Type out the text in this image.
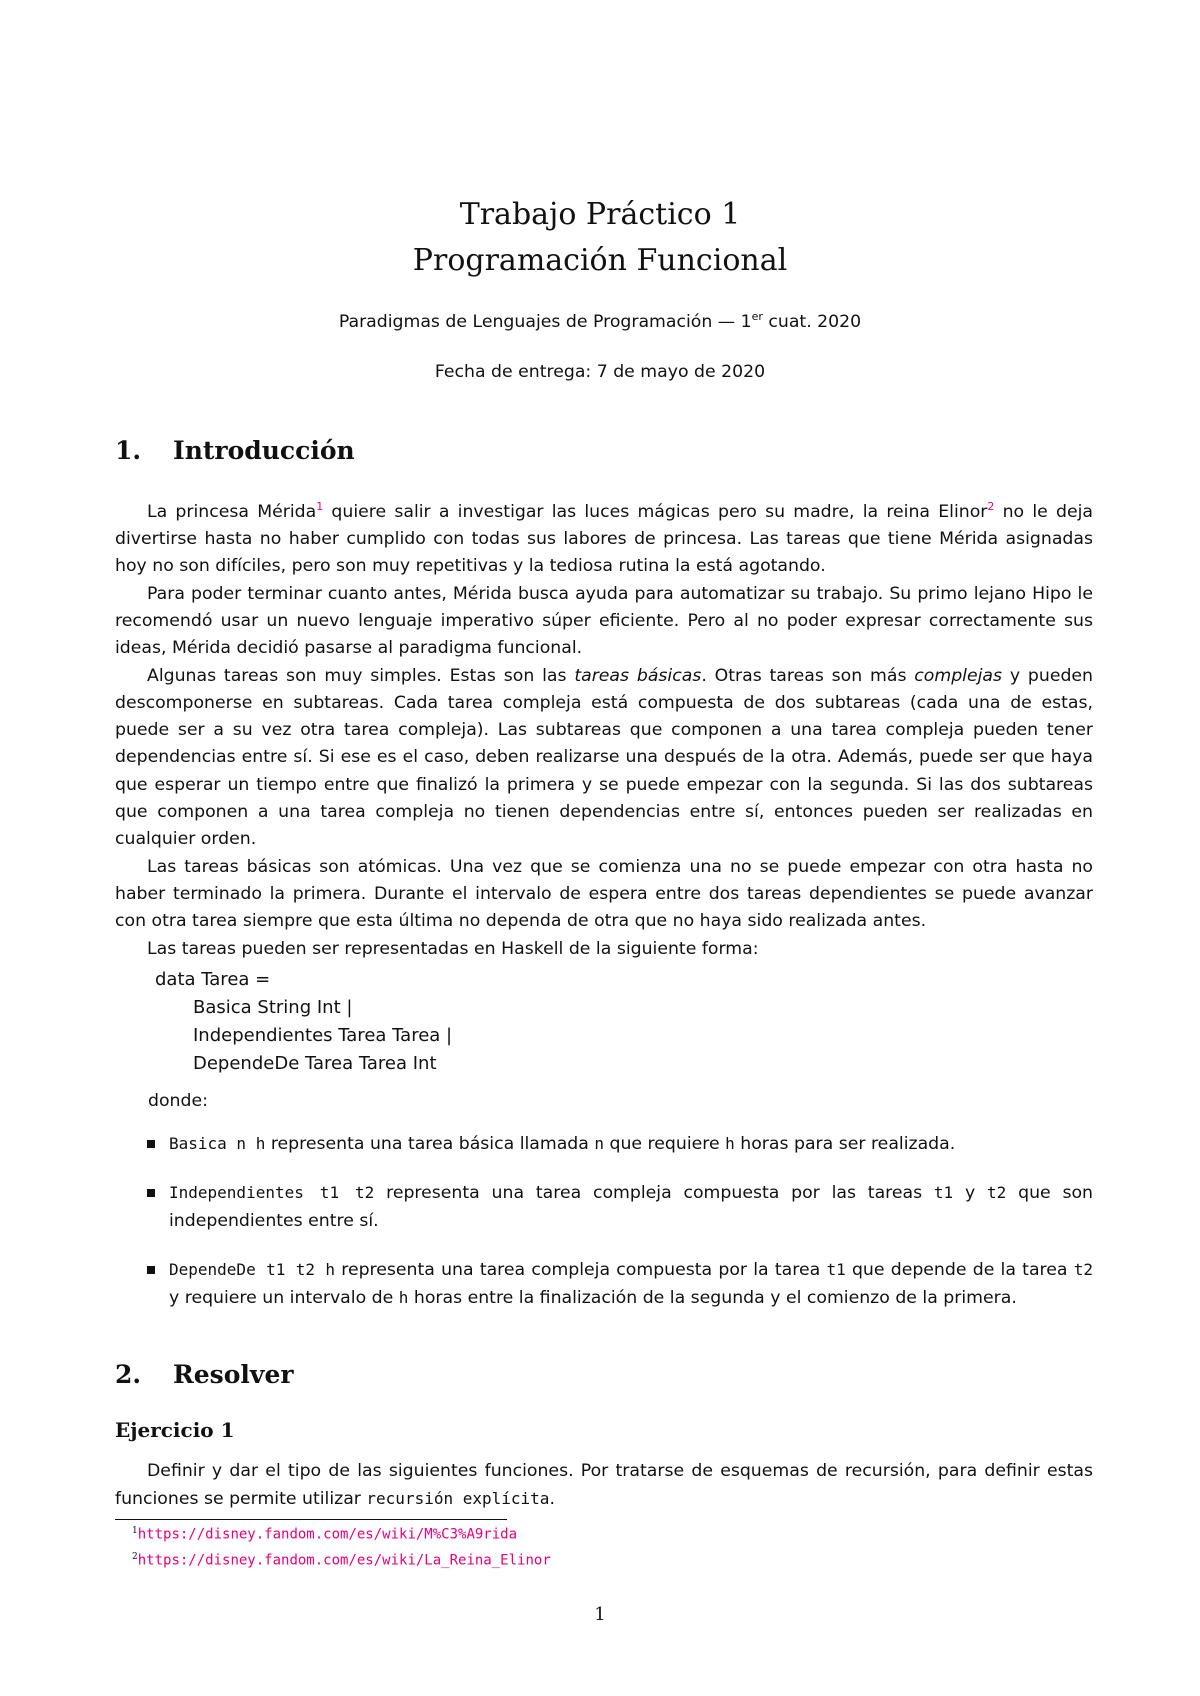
Trabajo Práctico 1
Programación Funcional
Paradigmas de Lenguajes de Programación — 1er cuat. 2020
Fecha de entrega: 7 de mayo de 2020
1. Introducción

La princesa Mérida$^1$ quiere salir a investigar las luces mágicas pero su madre, la reina Elinor$^2$ no le deja divertirse hasta no haber cumplido con todas sus labores de princesa. Las tareas que tiene Mérida asignadas hoy no son difíciles, pero son muy repetitivas y la tediosa rutina la está agotando.

Para poder terminar cuanto antes, Mérida busca ayuda para automatizar su trabajo. Su primo lejano Hipo le recomendó usar un nuevo lenguaje imperativo súper eficiente. Pero al no poder expresar correctamente sus ideas, Mérida decidió pasarse al paradigma funcional.

Algunas tareas son muy simples. Estas son las tareas básicas. Otras tareas son más complejas y pueden descomponerse en subtareas. Cada tarea compleja está compuesta de dos subtareas (cada una de estas, puede ser a su vez otra tarea compleja). Las subtareas que componen a una tarea compleja pueden tener dependencias entre sí. Si ese es el caso, deben realizarse una después de la otra. Además, puede ser que haya que esperar un tiempo entre que finalizó la primera y se puede empezar con la segunda. Si las dos subtareas que componen a una tarea compleja no tienen dependencias entre sí, entonces pueden ser realizadas en cualquier orden.

Las tareas básicas son atómicas. Una vez que se comienza una no se puede empezar con otra hasta no haber terminado la primera. Durante el intervalo de espera entre dos tareas dependientes se puede avanzar con otra tarea siempre que esta última no dependa de otra que no haya sido realizada antes.

Las tareas pueden ser representadas en Haskell de la siguiente forma:

data Tarea =
Basica String Int |
Independientes Tarea Tarea |
DependeDe Tarea Tarea Int
donde:
Basica n h representa una tarea básica llamada n que requiere h horas para ser realizada.
Independientes t1 t2 representa una tarea compleja compuesta por las tareas t1 y t2 que son independientes entre sí.
DependeDe t1 t2 h representa una tarea compleja compuesta por la tarea t1 que depende de la tarea t2 y requiere un intervalo de h horas entre la finalización de la segunda y el comienzo de la primera.
2. Resolver
Ejercicio 1

Definir y dar el tipo de las siguientes funciones. Por tratarse de esquemas de recursión, para definir estas funciones se permite utilizar recursión explícita.

$^1$https://disney.fandom.com/es/wiki/M%C3%A9rida
$^2$https://disney.fandom.com/es/wiki/La_Reina_Elinor
1
